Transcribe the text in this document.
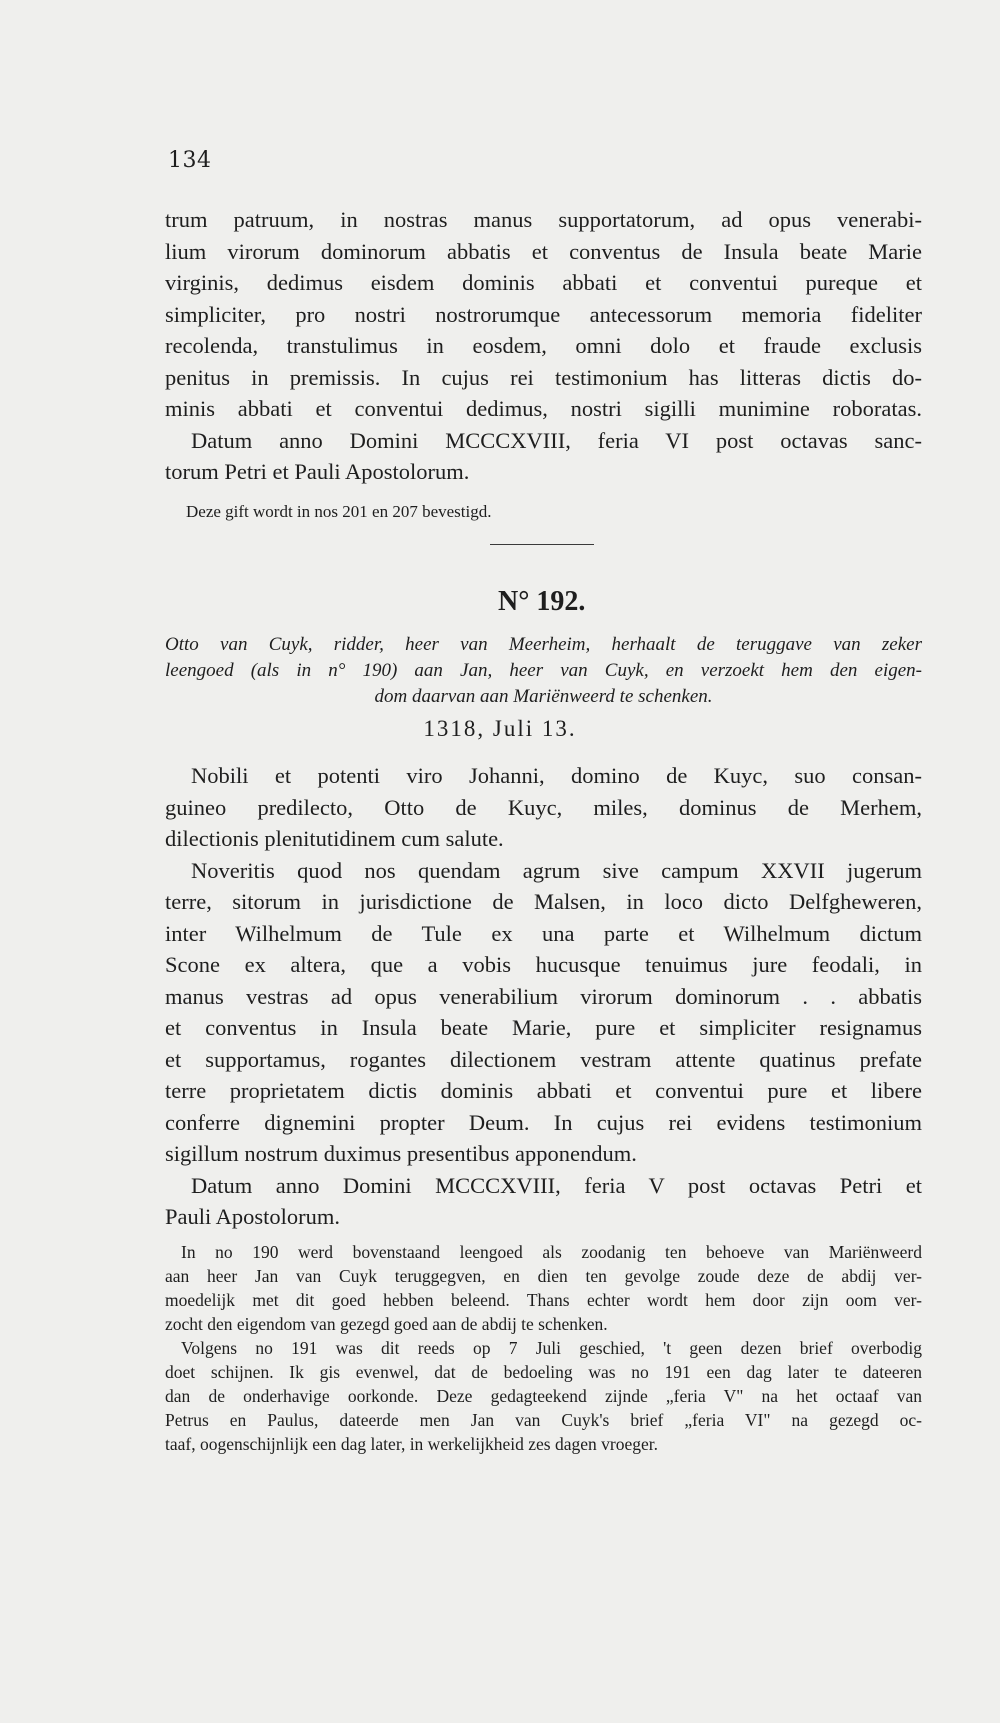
134
trum patruum, in nostras manus supportatorum, ad opus venerabi-
lium virorum dominorum abbatis et conventus de Insula beate Marie
virginis, dedimus eisdem dominis abbati et conventui pureque et
simpliciter, pro nostri nostrorumque antecessorum memoria fideliter
recolenda, transtulimus in eosdem, omni dolo et fraude exclusis
penitus in premissis. In cujus rei testimonium has litteras dictis do-
minis abbati et conventui dedimus, nostri sigilli munimine roboratas.
Datum anno Domini MCCCXVIII, feria VI post octavas sanc-
torum Petri et Pauli Apostolorum.
Deze gift wordt in nos 201 en 207 bevestigd.
N° 192.
Otto van Cuyk, ridder, heer van Meerheim, herhaalt de teruggave van zeker
leengoed (als in n° 190) aan Jan, heer van Cuyk, en verzoekt hem den eigen-
dom daarvan aan Mariënweerd te schenken.
1318, Juli 13.
Nobili et potenti viro Johanni, domino de Kuyc, suo consan-
guineo predilecto, Otto de Kuyc, miles, dominus de Merhem,
dilectionis plenitutidinem cum salute.
Noveritis quod nos quendam agrum sive campum XXVII jugerum
terre, sitorum in jurisdictione de Malsen, in loco dicto Delfgheweren,
inter Wilhelmum de Tule ex una parte et Wilhelmum dictum
Scone ex altera, que a vobis hucusque tenuimus jure feodali, in
manus vestras ad opus venerabilium virorum dominorum . . abbatis
et conventus in Insula beate Marie, pure et simpliciter resignamus
et supportamus, rogantes dilectionem vestram attente quatinus prefate
terre proprietatem dictis dominis abbati et conventui pure et libere
conferre dignemini propter Deum. In cujus rei evidens testimonium
sigillum nostrum duximus presentibus apponendum.
Datum anno Domini MCCCXVIII, feria V post octavas Petri et
Pauli Apostolorum.
In no 190 werd bovenstaand leengoed als zoodanig ten behoeve van Mariënweerd
aan heer Jan van Cuyk teruggegven, en dien ten gevolge zoude deze de abdij ver-
moedelijk met dit goed hebben beleend. Thans echter wordt hem door zijn oom ver-
zocht den eigendom van gezegd goed aan de abdij te schenken.
Volgens no 191 was dit reeds op 7 Juli geschied, 't geen dezen brief overbodig
doet schijnen. Ik gis evenwel, dat de bedoeling was no 191 een dag later te dateeren
dan de onderhavige oorkonde. Deze gedagteekend zijnde „feria V" na het octaaf van
Petrus en Paulus, dateerde men Jan van Cuyk's brief „feria VI" na gezegd oc-
taaf, oogenschijnlijk een dag later, in werkelijkheid zes dagen vroeger.
